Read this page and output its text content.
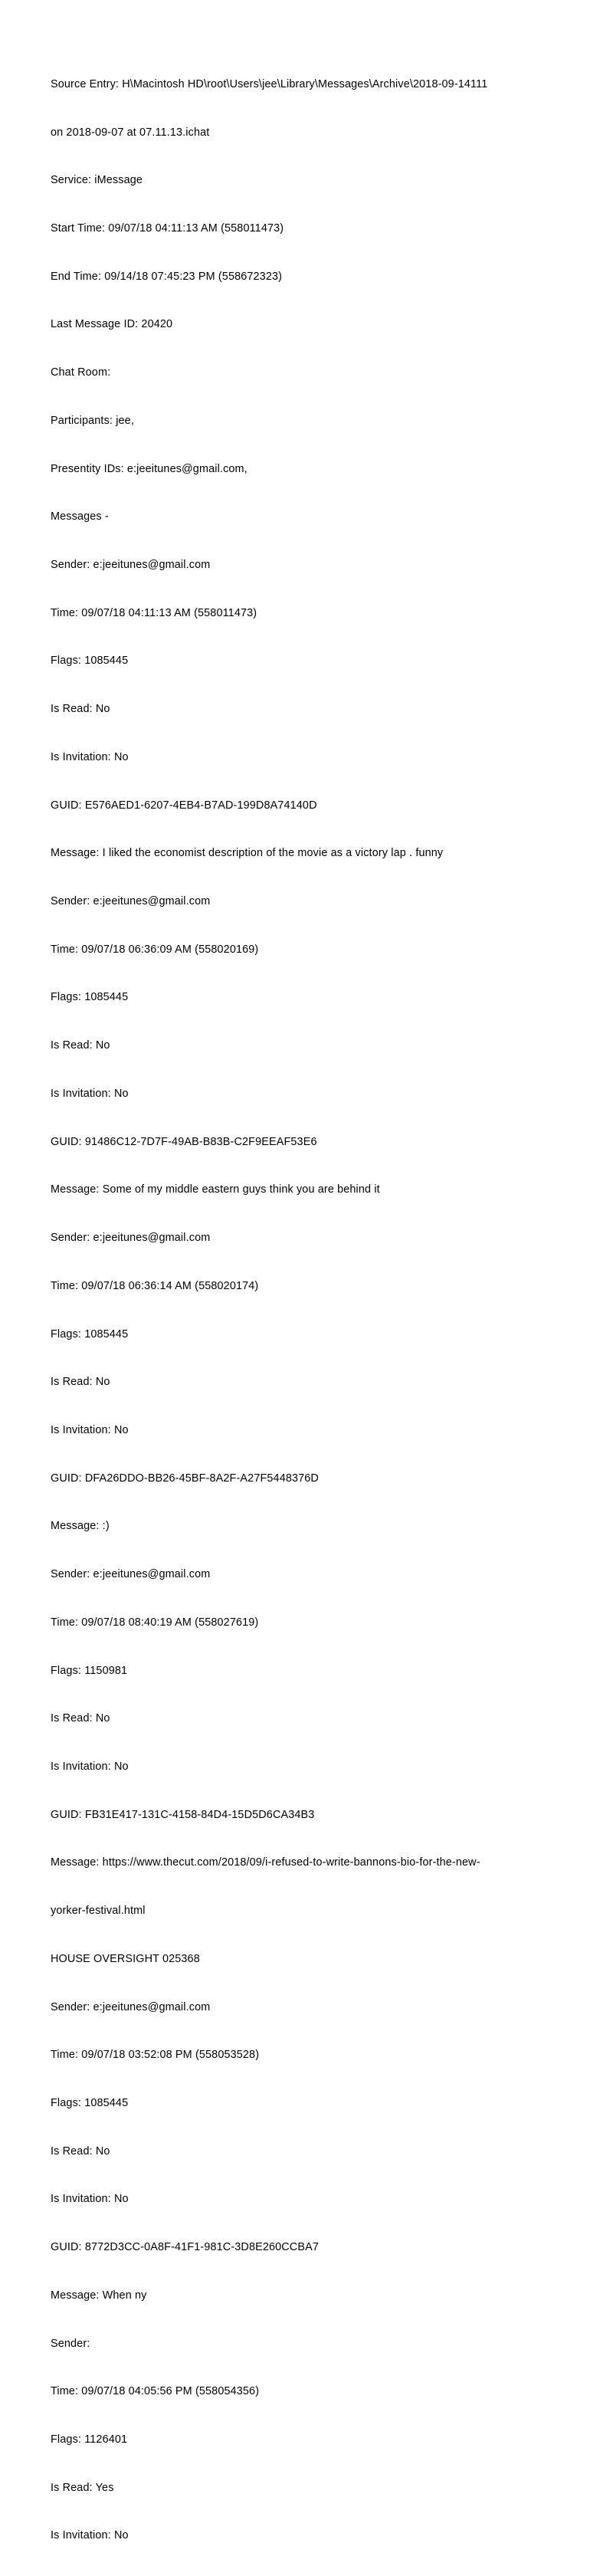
Source Entry: H\Macintosh HD\root\Users\jee\Library\Messages\Archive\2018-09-14111

on 2018-09-07 at 07.11.13.ichat

Service: iMessage

Start Time: 09/07/18 04:11:13 AM (558011473)

End Time: 09/14/18 07:45:23 PM (558672323)

Last Message ID: 20420

Chat Room:

Participants: jee,

Presentity IDs: e:jeeitunes@gmail.com,

Messages -

Sender: e:jeeitunes@gmail.com

Time: 09/07/18 04:11:13 AM (558011473)

Flags: 1085445

Is Read: No

Is Invitation: No

GUID: E576AED1-6207-4EB4-B7AD-199D8A74140D

Message: I liked the economist description of the movie as a victory lap . funny

Sender: e:jeeitunes@gmail.com

Time: 09/07/18 06:36:09 AM (558020169)

Flags: 1085445

Is Read: No

Is Invitation: No

GUID: 91486C12-7D7F-49AB-B83B-C2F9EEAF53E6

Message: Some of my middle eastern guys think you are behind it

Sender: e:jeeitunes@gmail.com

Time: 09/07/18 06:36:14 AM (558020174)

Flags: 1085445

Is Read: No

Is Invitation: No

GUID: DFA26DDO-BB26-45BF-8A2F-A27F5448376D

Message: :)

Sender: e:jeeitunes@gmail.com

Time: 09/07/18 08:40:19 AM (558027619)

Flags: 1150981

Is Read: No

Is Invitation: No

GUID: FB31E417-131C-4158-84D4-15D5D6CA34B3

Message: https://www.thecut.com/2018/09/i-refused-to-write-bannons-bio-for-the-new-

yorker-festival.html

HOUSE OVERSIGHT 025368

Sender: e:jeeitunes@gmail.com

Time: 09/07/18 03:52:08 PM (558053528)

Flags: 1085445

Is Read: No

Is Invitation: No

GUID: 8772D3CC-0A8F-41F1-981C-3D8E260CCBA7

Message: When ny

Sender:

Time: 09/07/18 04:05:56 PM (558054356)

Flags: 1126401

Is Read: Yes

Is Invitation: No
